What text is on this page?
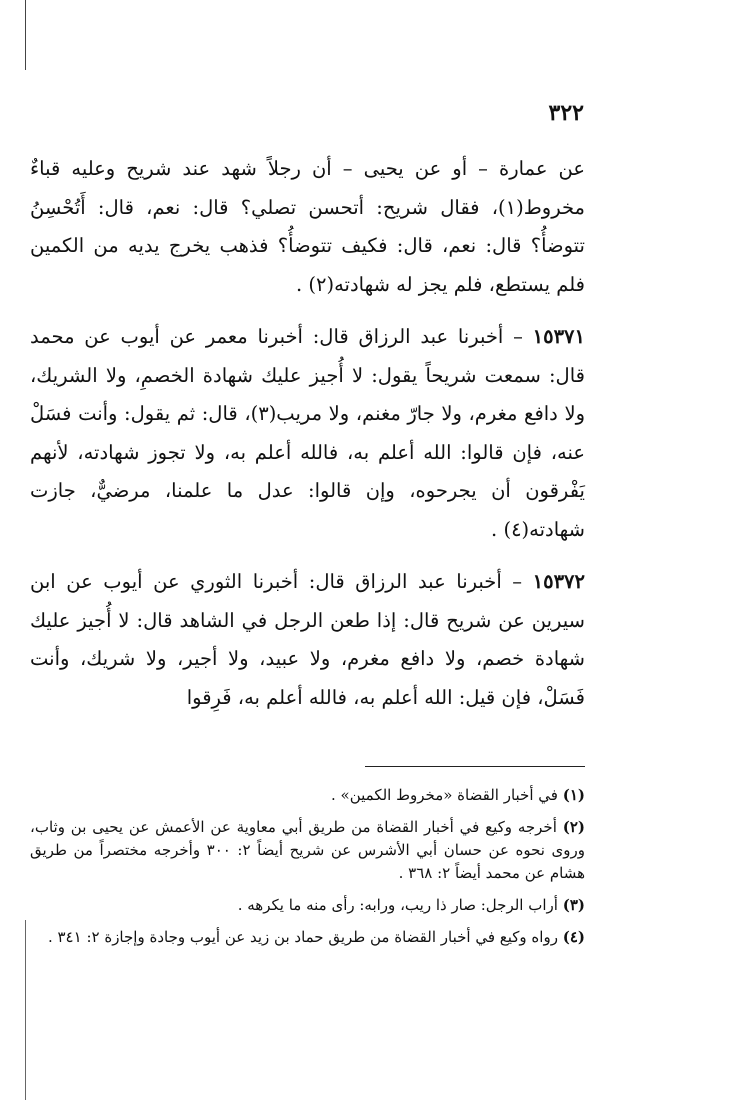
٣٢٢

عن عمارة – أو عن يحيى – أن رجلاً شهد عند شريح وعليه قباءٌ مخروط(١)، فقال شريح: أتحسن تصلي؟ قال: نعم، قال: أَتُحْسِنُ تتوضأُ؟ قال: نعم، قال: فكيف تتوضأُ؟ فذهب يخرج يديه من الكمين فلم يستطع، فلم يجز له شهادته(٢) .

١٥٣٧١ – أخبرنا عبد الرزاق قال: أخبرنا معمر عن أيوب عن محمد قال: سمعت شريحاً يقول: لا أُجيز عليك شهادة الخصمِ، ولا الشريك، ولا دافع مغرم، ولا جارّ مغنم، ولا مريب(٣)، قال: ثم يقول: وأنت فسَلْ عنه، فإن قالوا: الله أعلم به، فالله أعلم به، ولا تجوز شهادته، لأنهم يَفْرقون أن يجرحوه، وإن قالوا: عدل ما علمنا، مرضيٌّ، جازت شهادته(٤) .

١٥٣٧٢ – أخبرنا عبد الرزاق قال: أخبرنا الثوري عن أيوب عن ابن سيرين عن شريح قال: إذا طعن الرجل في الشاهد قال: لا أُجيز عليك شهادة خصم، ولا دافع مغرم، ولا عبيد، ولا أجير، ولا شريك، وأنت فَسَلْ، فإن قيل: الله أعلم به، فالله أعلم به، فَرِقوا

(١) في أخبار القضاة «مخروط الكمين» .

(٢) أخرجه وكيع في أخبار القضاة من طريق أبي معاوية عن الأعمش عن يحيى بن وثاب، وروى نحوه عن حسان أبي الأشرس عن شريح أيضاً ٢: ٣٠٠ وأخرجه مختصراً من طريق هشام عن محمد أيضاً ٢: ٣٦٨ .

(٣) أراب الرجل: صار ذا ريب، ورابه: رأى منه ما يكرهه .

(٤) رواه وكيع في أخبار القضاة من طريق حماد بن زيد عن أيوب وجادة وإجازة ٢: ٣٤١ .
